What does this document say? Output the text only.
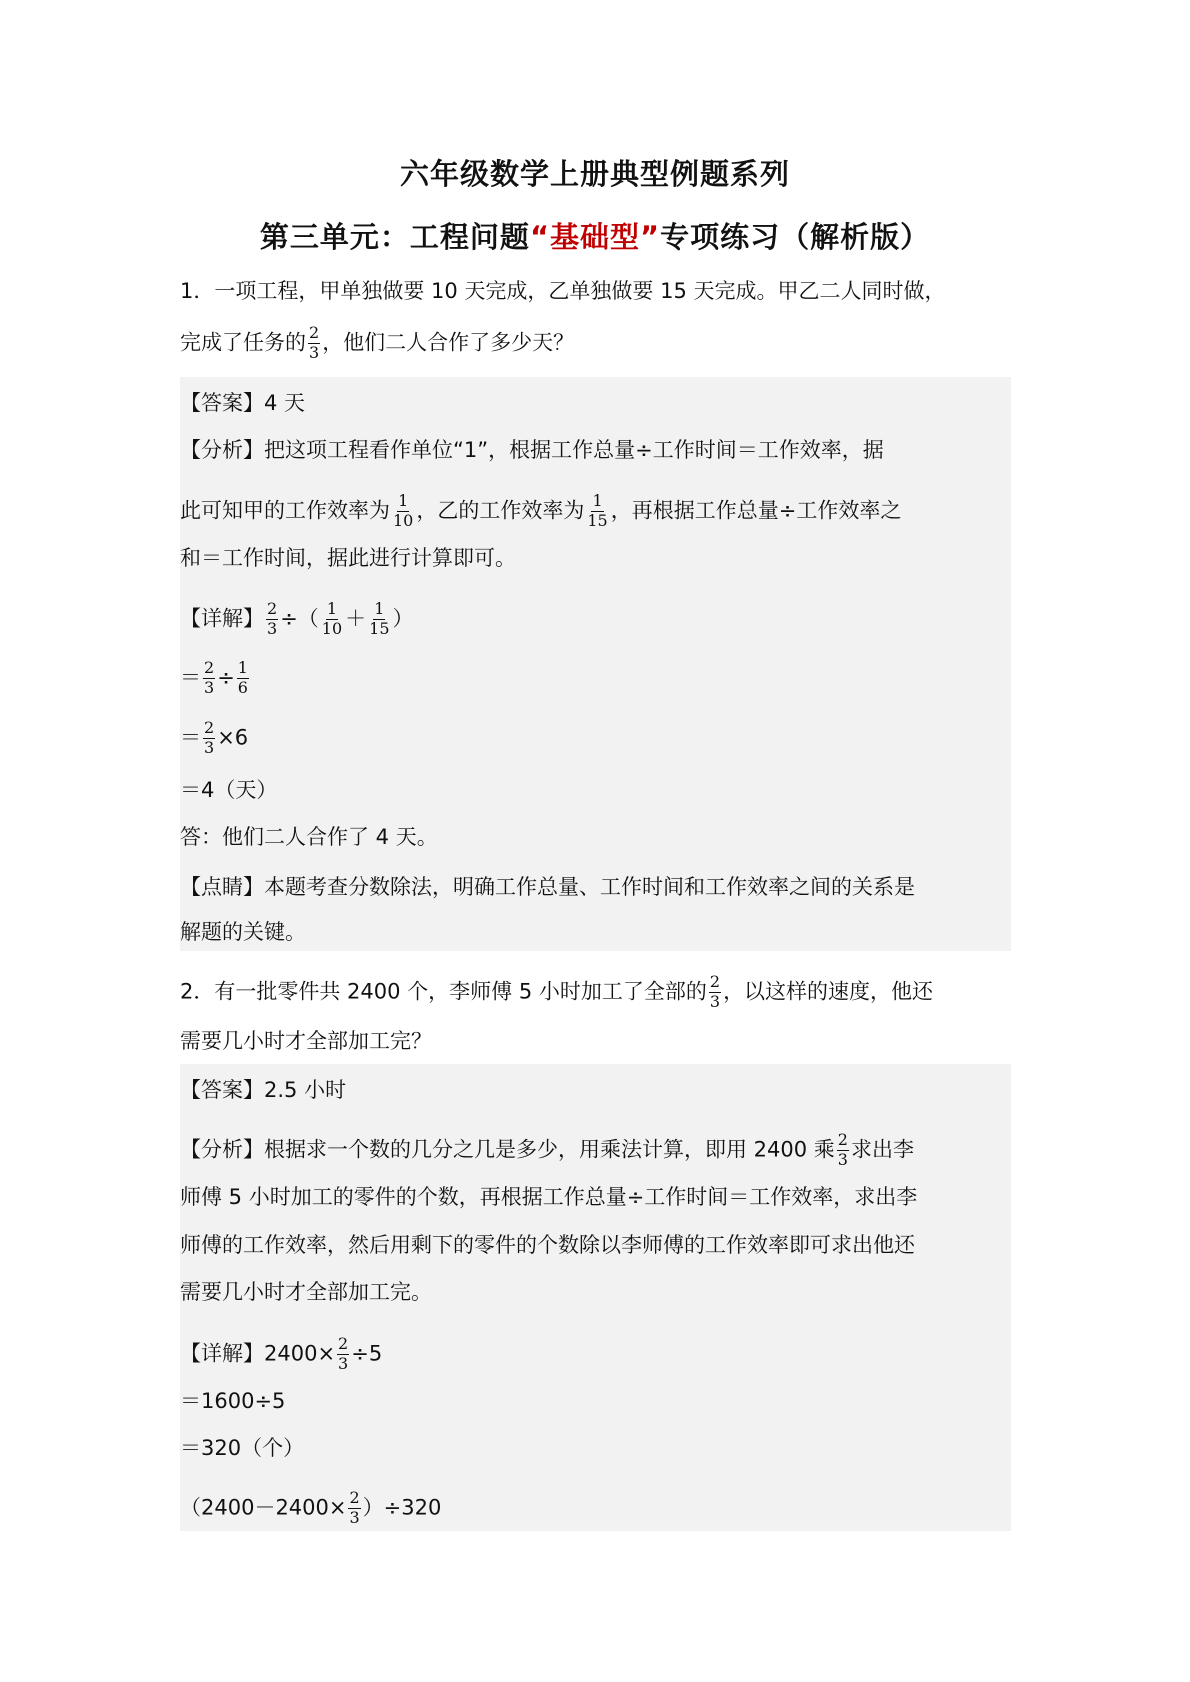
六年级数学上册典型例题系列
第三单元：工程问题“基础型”专项练习（解析版）
1．一项工程，甲单独做要 10 天完成，乙单独做要 15 天完成。甲乙二人同时做，
完成了任务的 $\frac{2}{3}$ ，他们二人合作了多少天？
【答案】4 天
【分析】把这项工程看作单位“1”，根据工作总量÷工作时间＝工作效率，据
此可知甲的工作效率为 $\frac{1}{10}$ ，乙的工作效率为 $\frac{1}{15}$ ，再根据工作总量÷工作效率之
和＝工作时间，据此进行计算即可。
【详解】 $\frac{2}{3}$ ÷（ $\frac{1}{10} + \frac{1}{15}$ ）
＝ $\frac{2}{3} \div \frac{1}{6}$
＝ $\frac{2}{3} \times 6$
＝4（天）
答：他们二人合作了 4 天。
【点睛】本题考查分数除法，明确工作总量、工作时间和工作效率之间的关系是
解题的关键。
2．有一批零件共 2400 个，李师傅 5 小时加工了全部的 $\frac{2}{3}$ ，以这样的速度，他还
需要几小时才全部加工完？
【答案】2.5 小时
【分析】根据求一个数的几分之几是多少，用乘法计算，即用 2400 乘 $\frac{2}{3}$ 求出李
师傅 5 小时加工的零件的个数，再根据工作总量÷工作时间＝工作效率，求出李
师傅的工作效率，然后用剩下的零件的个数除以李师傅的工作效率即可求出他还
需要几小时才全部加工完。
【详解】$2400\times \frac{2}{3} \div 5$
＝1600÷5
＝320（个）
$(2400-2400\times \frac{2}{3} )\div 320$
